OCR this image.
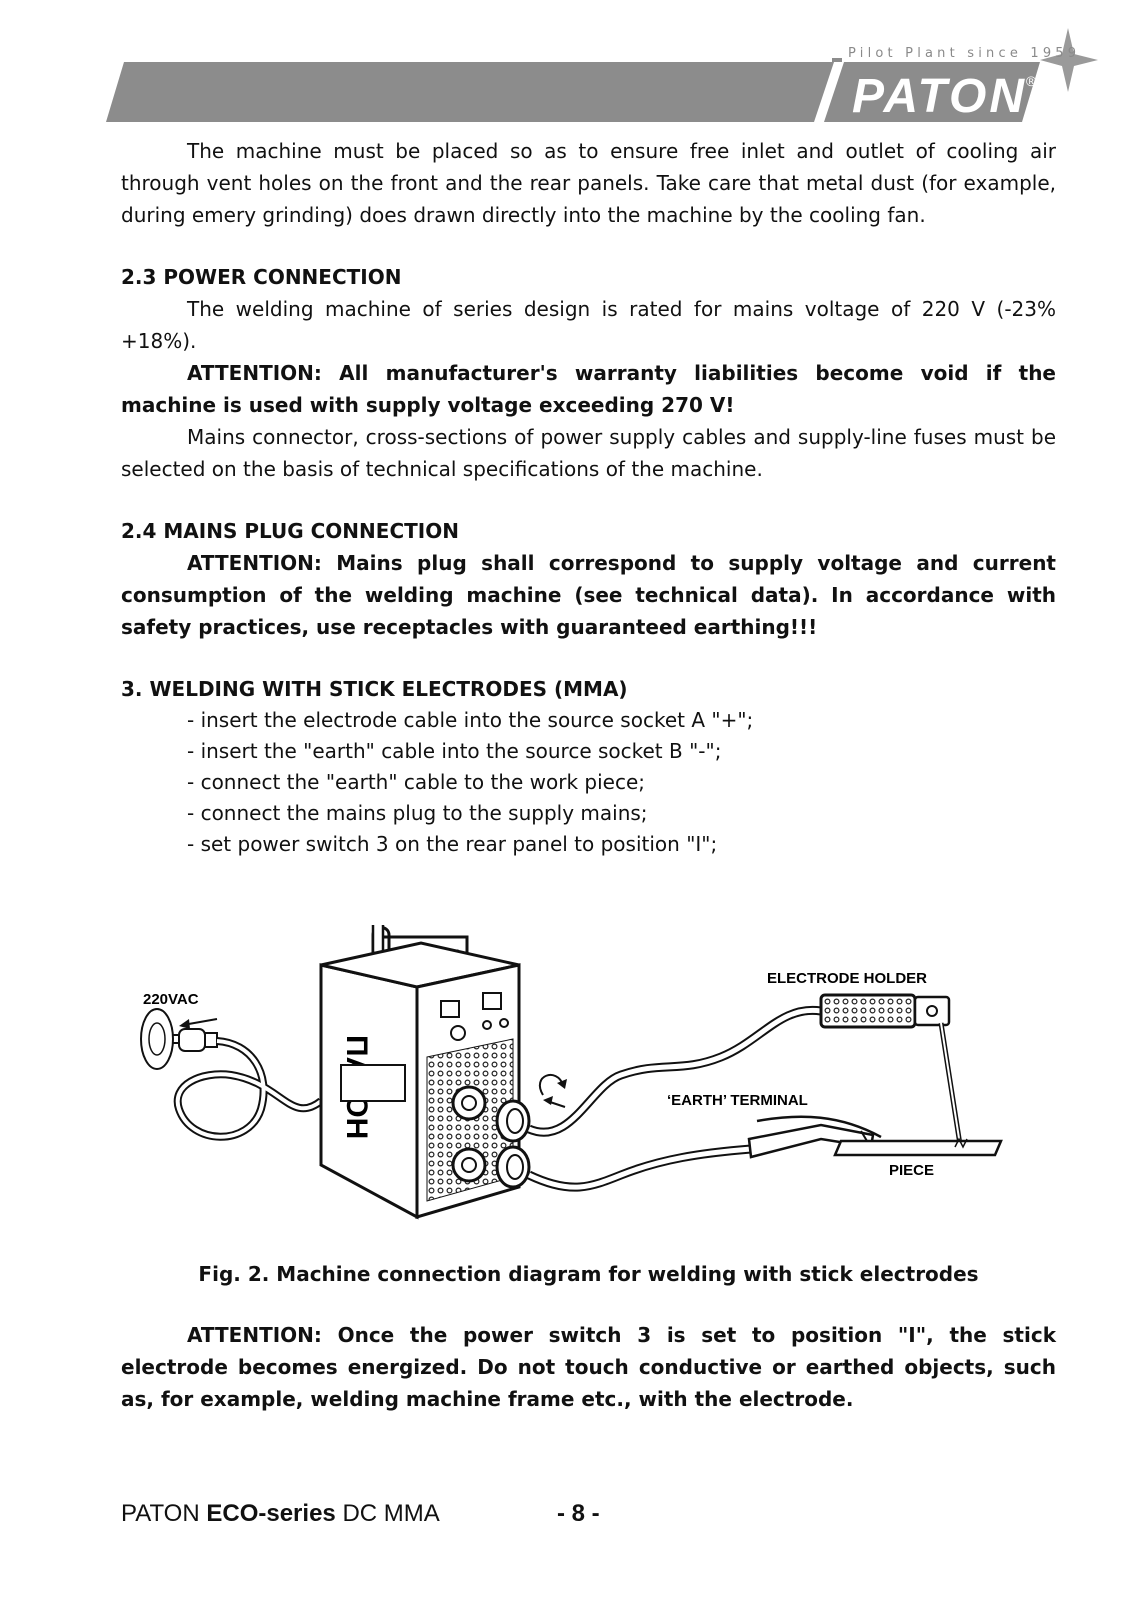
PATON
®
Pilot Plant since 1959

The machine must be placed so as to ensure free inlet and outlet of cooling air through vent holes on the front and the rear panels. Take care that metal dust (for example, during emery grinding) does drawn directly into the machine by the cooling fan.

2.3 POWER CONNECTION

The welding machine of series design is rated for mains voltage of 220 V (-23% +18%).

ATTENTION: All manufacturer's warranty liabilities become void if the machine is used with supply voltage exceeding 270 V!

Mains connector, cross-sections of power supply cables and supply-line fuses must be selected on the basis of technical specifications of the machine.

2.4 MAINS PLUG CONNECTION

ATTENTION: Mains plug shall correspond to supply voltage and current consumption of the welding machine (see technical data). In accordance with safety practices, use receptacles with guaranteed earthing!!!

3. WELDING WITH STICK ELECTRODES (MMA)

- insert the electrode cable into the source socket A "+";
- insert the "earth" cable into the source socket B "-";
- connect the "earth" cable to the work piece;
- connect the mains plug to the supply mains;
- set power switch 3 on the rear panel to position "I";
220VAC
ELECTRODE HOLDER
‘EARTH’ TERMINAL
PIECE
Fig. 2. Machine connection diagram for welding with stick electrodes

ATTENTION: Once the power switch 3 is set to position "I", the stick electrode becomes energized. Do not touch conductive or earthed objects, such as, for example, welding machine frame etc., with the electrode.

PATON ECO-series DC MMA	- 8 -
